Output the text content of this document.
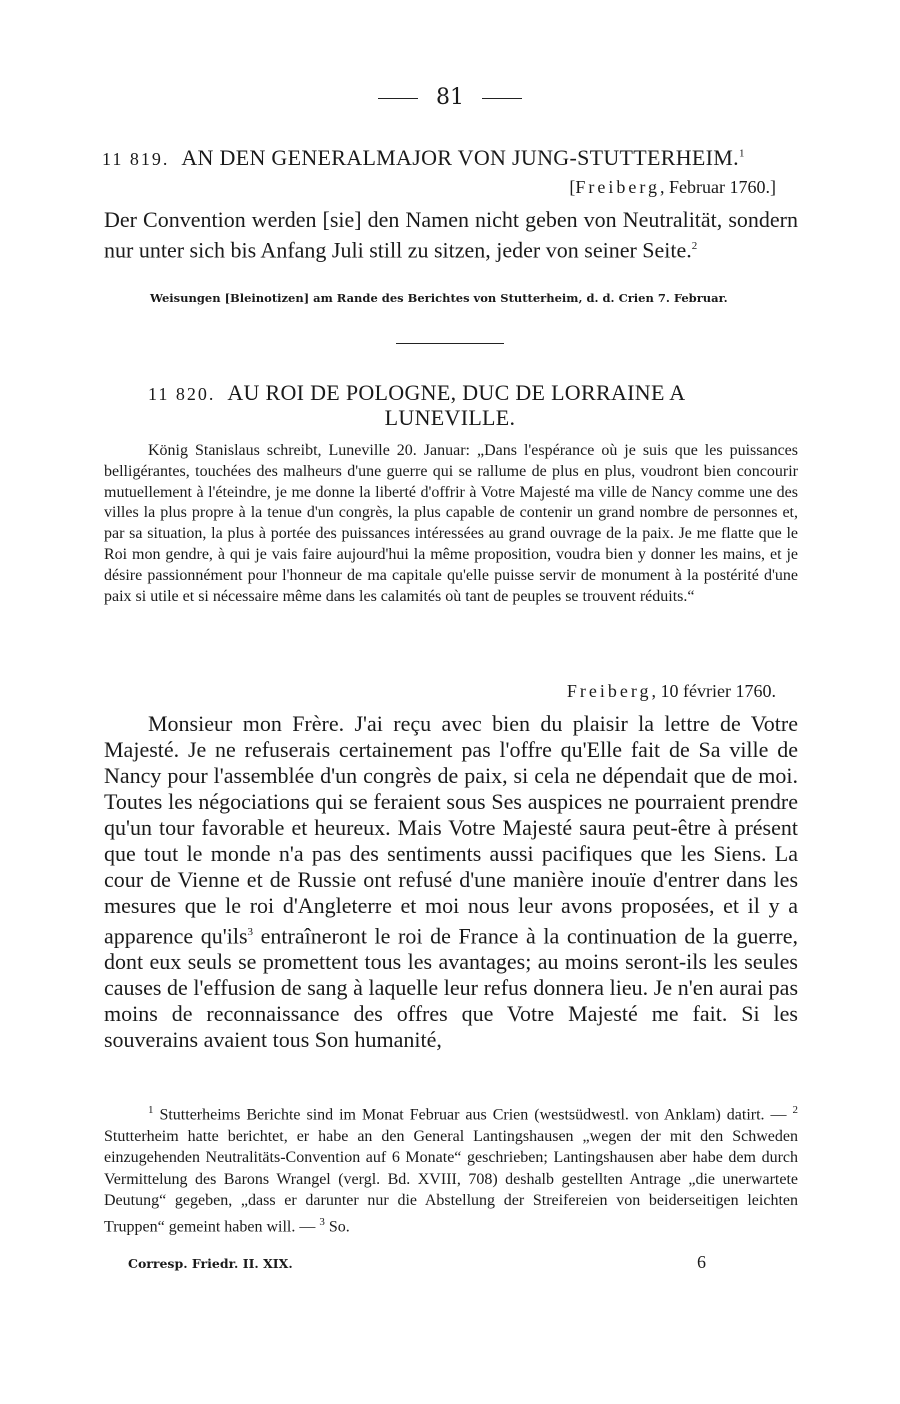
81
11 819. AN DEN GENERALMAJOR VON JUNG-STUTTERHEIM.$^1$
[Freiberg, Februar 1760.]
Der Convention werden [sie] den Namen nicht geben von Neutralität, sondern nur unter sich bis Anfang Juli still zu sitzen, jeder von seiner Seite.$^2$
Weisungen [Bleinotizen] am Rande des Berichtes von Stutterheim, d. d. Crien 7. Februar.
11 820. AU ROI DE POLOGNE, DUC DE LORRAINE A
LUNEVILLE.
König Stanislaus schreibt, Luneville 20. Januar: „Dans l'espérance où je suis que les puissances belligérantes, touchées des malheurs d'une guerre qui se rallume de plus en plus, voudront bien concourir mutuellement à l'éteindre, je me donne la liberté d'offrir à Votre Majesté ma ville de Nancy comme une des villes la plus propre à la tenue d'un congrès, la plus capable de contenir un grand nombre de personnes et, par sa situation, la plus à portée des puissances intéressées au grand ouvrage de la paix. Je me flatte que le Roi mon gendre, à qui je vais faire aujourd'hui la même proposition, voudra bien y donner les mains, et je désire passionnément pour l'honneur de ma capitale qu'elle puisse servir de monument à la postérité d'une paix si utile et si nécessaire même dans les calamités où tant de peuples se trouvent réduits.“
Freiberg, 10 février 1760.
Monsieur mon Frère. J'ai reçu avec bien du plaisir la lettre de Votre Majesté. Je ne refuserais certainement pas l'offre qu'Elle fait de Sa ville de Nancy pour l'assemblée d'un congrès de paix, si cela ne dépendait que de moi. Toutes les négociations qui se feraient sous Ses auspices ne pourraient prendre qu'un tour favorable et heureux. Mais Votre Majesté saura peut-être à présent que tout le monde n'a pas des sentiments aussi pacifiques que les Siens. La cour de Vienne et de Russie ont refusé d'une manière inouïe d'entrer dans les mesures que le roi d'Angleterre et moi nous leur avons proposées, et il y a apparence qu'ils$^3$ entraîneront le roi de France à la continuation de la guerre, dont eux seuls se promettent tous les avantages; au moins seront-ils les seules causes de l'effusion de sang à laquelle leur refus donnera lieu. Je n'en aurai pas moins de reconnaissance des offres que Votre Majesté me fait. Si les souverains avaient tous Son humanité,
$^1$ Stutterheims Berichte sind im Monat Februar aus Crien (westsüdwestl. von Anklam) datirt. — $^2$ Stutterheim hatte berichtet, er habe an den General Lantingshausen „wegen der mit den Schweden einzugehenden Neutralitäts-Convention auf 6 Monate“ geschrieben; Lantingshausen aber habe dem durch Vermittelung des Barons Wrangel (vergl. Bd. XVIII, 708) deshalb gestellten Antrage „die unerwartete Deutung“ gegeben, „dass er darunter nur die Abstellung der Streifereien von beiderseitigen leichten Truppen“ gemeint haben will. — $^3$ So.
Corresp. Friedr. II. XIX.	6
